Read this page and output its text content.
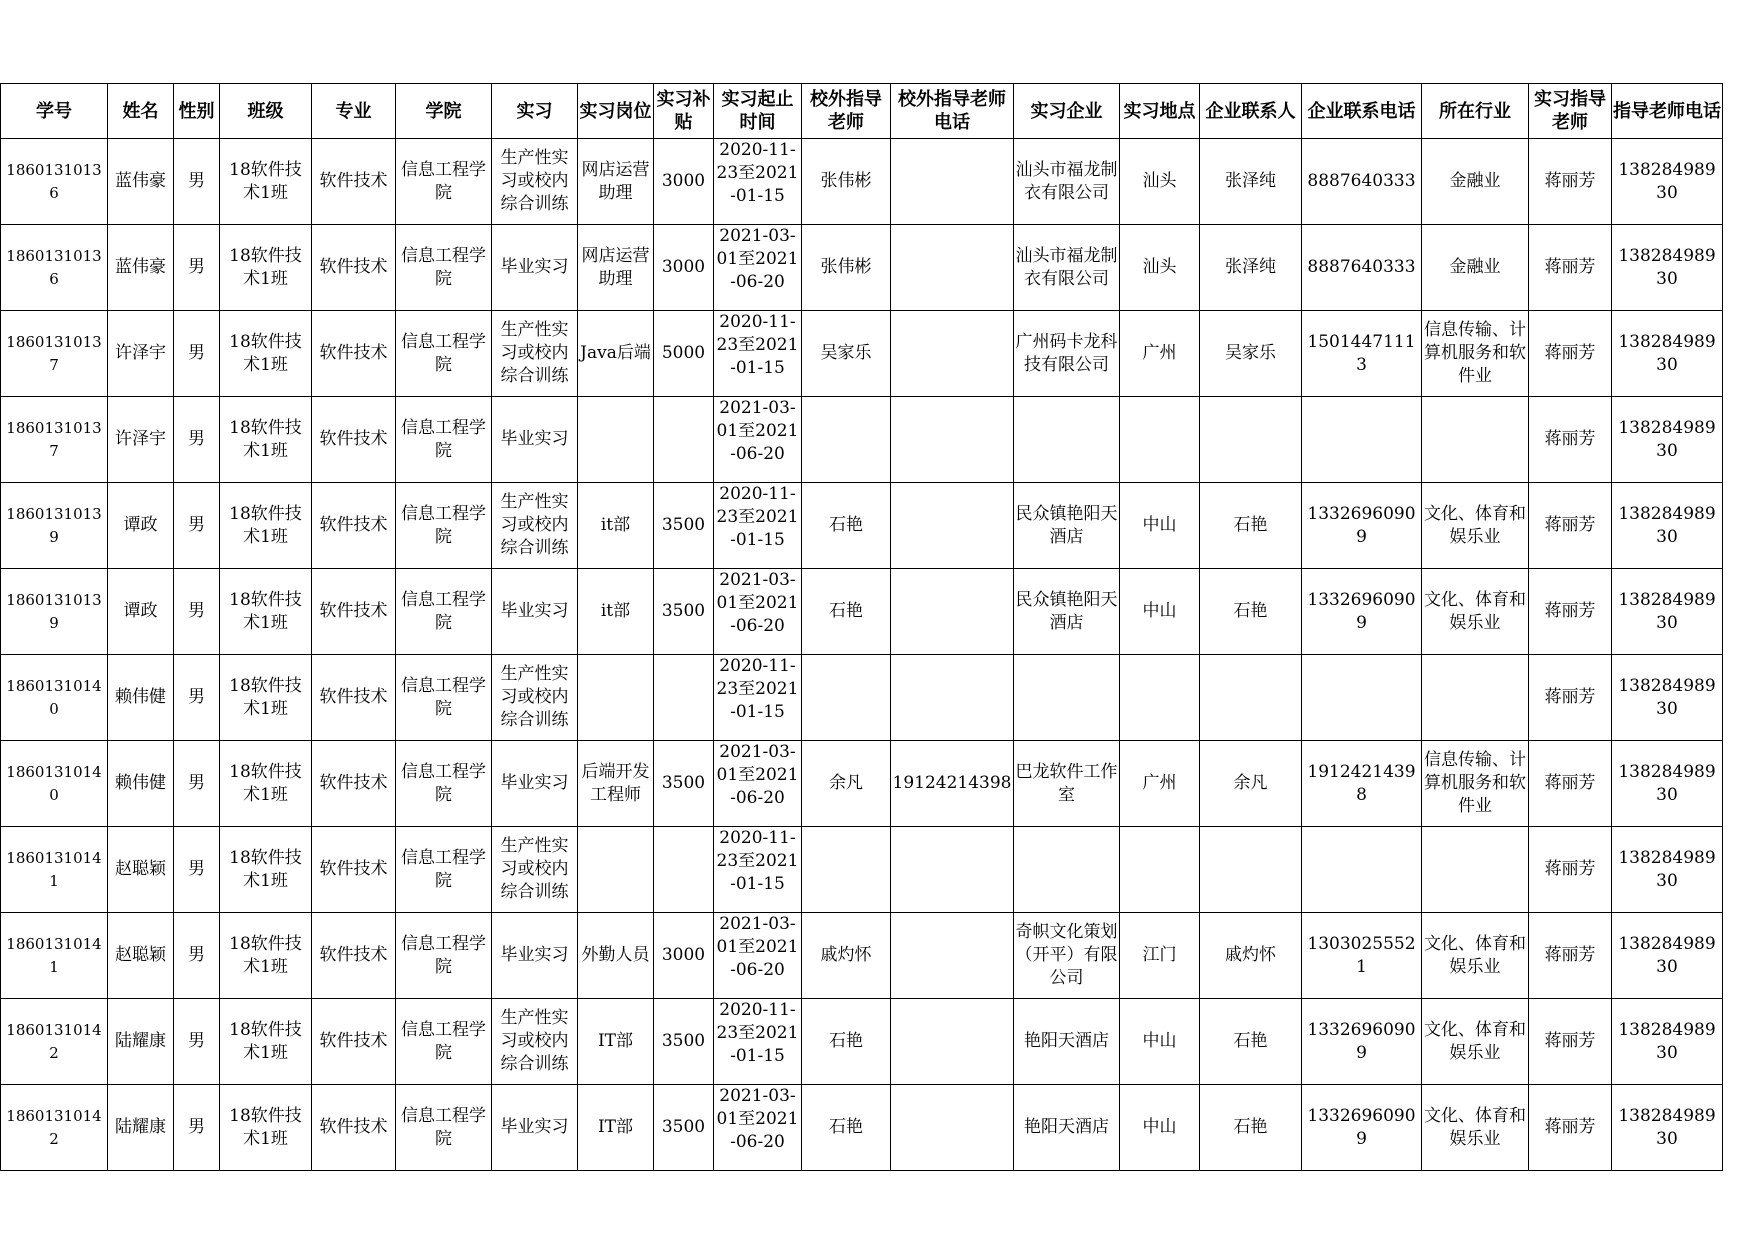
学号	姓名	性别	班级	专业	学院	实习	实习岗位	实习补贴	实习起止时间	校外指导老师	校外指导老师电话	实习企业	实习地点	企业联系人	企业联系电话	所在行业	实习指导老师	指导老师电话
18601310136	蓝伟豪	男	18软件技术1班	软件技术	信息工程学院	生产性实习或校内综合训练	网店运营助理	3000	2020-11-23至2021-01-15	张伟彬		汕头市福龙制衣有限公司	汕头	张泽纯	8887640333	金融业	蒋丽芳	13828498930
18601310136	蓝伟豪	男	18软件技术1班	软件技术	信息工程学院	毕业实习	网店运营助理	3000	2021-03-01至2021-06-20	张伟彬		汕头市福龙制衣有限公司	汕头	张泽纯	8887640333	金融业	蒋丽芳	13828498930
18601310137	许泽宇	男	18软件技术1班	软件技术	信息工程学院	生产性实习或校内综合训练	Java后端	5000	2020-11-23至2021-01-15	吴家乐		广州码卡龙科技有限公司	广州	吴家乐	15014471113	信息传输、计算机服务和软件业	蒋丽芳	13828498930
18601310137	许泽宇	男	18软件技术1班	软件技术	信息工程学院	毕业实习			2021-03-01至2021-06-20								蒋丽芳	13828498930
18601310139	谭政	男	18软件技术1班	软件技术	信息工程学院	生产性实习或校内综合训练	it部	3500	2020-11-23至2021-01-15	石艳		民众镇艳阳天酒店	中山	石艳	13326960909	文化、体育和娱乐业	蒋丽芳	13828498930
18601310139	谭政	男	18软件技术1班	软件技术	信息工程学院	毕业实习	it部	3500	2021-03-01至2021-06-20	石艳		民众镇艳阳天酒店	中山	石艳	13326960909	文化、体育和娱乐业	蒋丽芳	13828498930
18601310140	赖伟健	男	18软件技术1班	软件技术	信息工程学院	生产性实习或校内综合训练			2020-11-23至2021-01-15								蒋丽芳	13828498930
18601310140	赖伟健	男	18软件技术1班	软件技术	信息工程学院	毕业实习	后端开发工程师	3500	2021-03-01至2021-06-20	余凡	19124214398	巴龙软件工作室	广州	余凡	19124214398	信息传输、计算机服务和软件业	蒋丽芳	13828498930
18601310141	赵聪颖	男	18软件技术1班	软件技术	信息工程学院	生产性实习或校内综合训练			2020-11-23至2021-01-15								蒋丽芳	13828498930
18601310141	赵聪颖	男	18软件技术1班	软件技术	信息工程学院	毕业实习	外勤人员	3000	2021-03-01至2021-06-20	戚灼怀		奇帜文化策划（开平）有限公司	江门	戚灼怀	13030255521	文化、体育和娱乐业	蒋丽芳	13828498930
18601310142	陆耀康	男	18软件技术1班	软件技术	信息工程学院	生产性实习或校内综合训练	IT部	3500	2020-11-23至2021-01-15	石艳		艳阳天酒店	中山	石艳	13326960909	文化、体育和娱乐业	蒋丽芳	13828498930
18601310142	陆耀康	男	18软件技术1班	软件技术	信息工程学院	毕业实习	IT部	3500	2021-03-01至2021-06-20	石艳		艳阳天酒店	中山	石艳	13326960909	文化、体育和娱乐业	蒋丽芳	13828498930
